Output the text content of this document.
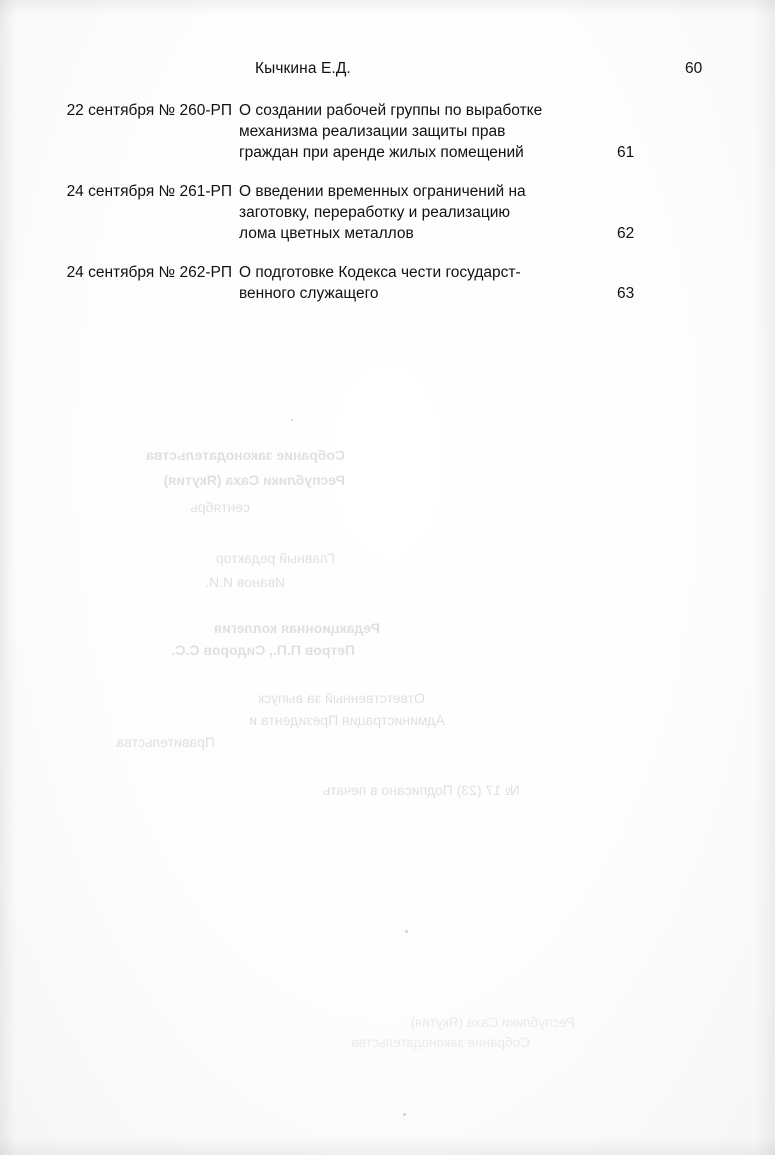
Кычкина Е.Д.	60
22 сентября № 260-РП О создании рабочей группы по выработке
механизма реализации защиты прав
граждан при аренде жилых помещений	61
24 сентября № 261-РП О введении временных ограничений на
заготовку, переработку и реализацию
лома цветных металлов	62
24 сентября № 262-РП О подготовке Кодекса чести государст-
венного служащего	63
